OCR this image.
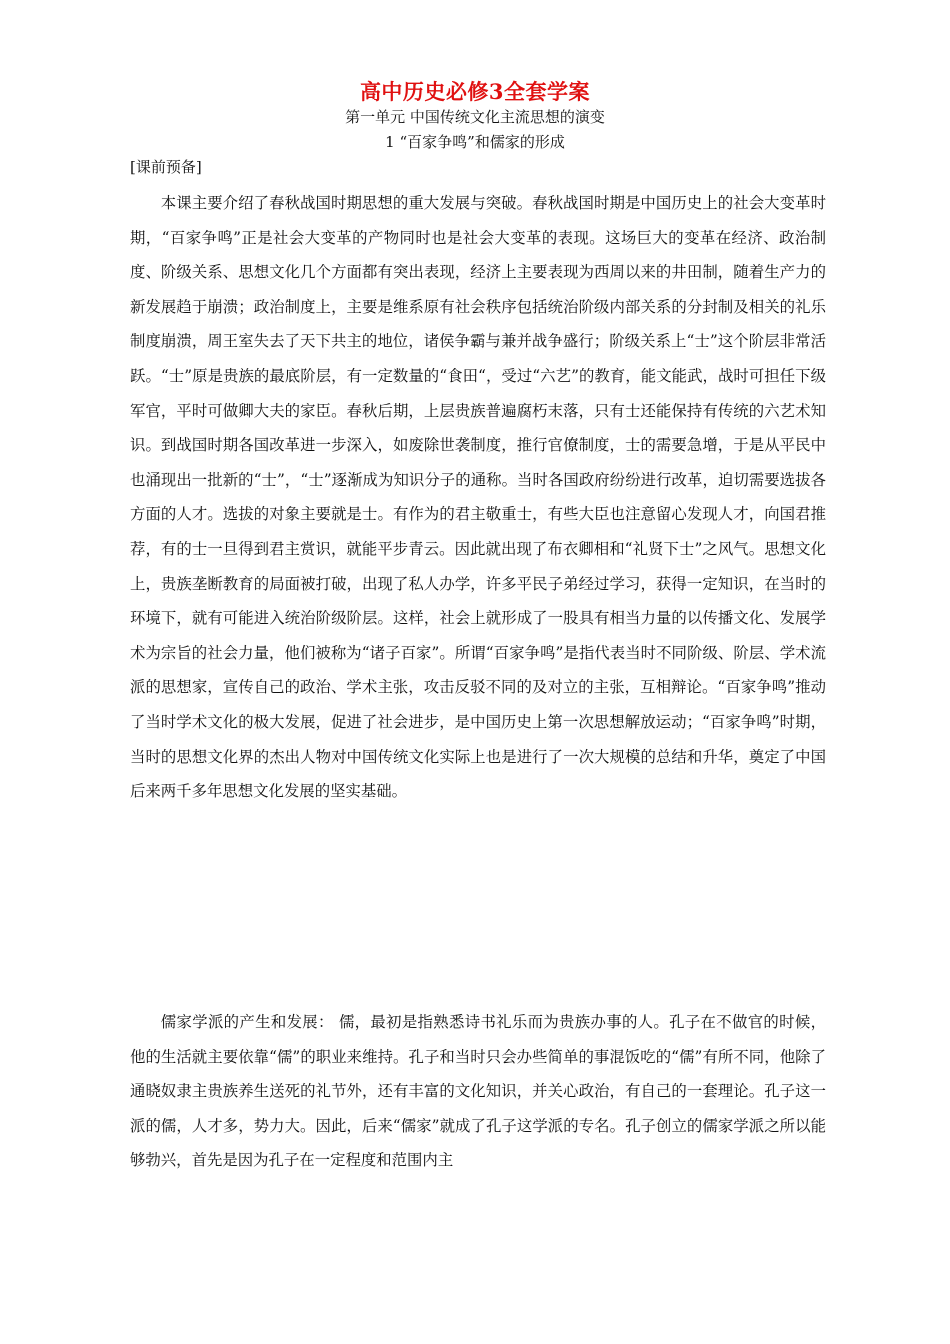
高中历史必修3全套学案
第一单元 中国传统文化主流思想的演变
1 “百家争鸣”和儒家的形成
[课前预备]

本课主要介绍了春秋战国时期思想的重大发展与突破。春秋战国时期是中国历史上的社会大变革时期，“百家争鸣”正是社会大变革的产物同时也是社会大变革的表现。这场巨大的变革在经济、政治制度、阶级关系、思想文化几个方面都有突出表现，经济上主要表现为西周以来的井田制，随着生产力的新发展趋于崩溃；政治制度上，主要是维系原有社会秩序包括统治阶级内部关系的分封制及相关的礼乐制度崩溃，周王室失去了天下共主的地位，诸侯争霸与兼并战争盛行；阶级关系上“士”这个阶层非常活跃。“士”原是贵族的最底阶层，有一定数量的“食田“，受过“六艺”的教育，能文能武，战时可担任下级军官，平时可做卿大夫的家臣。春秋后期，上层贵族普遍腐朽末落，只有士还能保持有传统的六艺术知识。到战国时期各国改革进一步深入，如废除世袭制度，推行官僚制度，士的需要急增，于是从平民中也涌现出一批新的“士”，“士”逐渐成为知识分子的通称。当时各国政府纷纷进行改革，迫切需要选拔各方面的人才。选拔的对象主要就是士。有作为的君主敬重士，有些大臣也注意留心发现人才，向国君推荐，有的士一旦得到君主赏识，就能平步青云。因此就出现了布衣卿相和“礼贤下士”之风气。思想文化上，贵族垄断教育的局面被打破，出现了私人办学，许多平民子弟经过学习，获得一定知识，在当时的环境下，就有可能进入统治阶级阶层。这样，社会上就形成了一股具有相当力量的以传播文化、发展学术为宗旨的社会力量，他们被称为“诸子百家”。所谓“百家争鸣”是指代表当时不同阶级、阶层、学术流派的思想家，宣传自己的政治、学术主张，攻击反驳不同的及对立的主张，互相辩论。“百家争鸣”推动了当时学术文化的极大发展，促进了社会进步，是中国历史上第一次思想解放运动；“百家争鸣”时期，当时的思想文化界的杰出人物对中国传统文化实际上也是进行了一次大规模的总结和升华，奠定了中国后来两千多年思想文化发展的坚实基础。

儒家学派的产生和发展： 儒，最初是指熟悉诗书礼乐而为贵族办事的人。孔子在不做官的时候，他的生活就主要依靠“儒”的职业来维持。孔子和当时只会办些简单的事混饭吃的“儒”有所不同，他除了通晓奴隶主贵族养生送死的礼节外，还有丰富的文化知识，并关心政治，有自己的一套理论。孔子这一派的儒，人才多，势力大。因此，后来“儒家”就成了孔子这学派的专名。孔子创立的儒家学派之所以能够勃兴，首先是因为孔子在一定程度和范围内主
